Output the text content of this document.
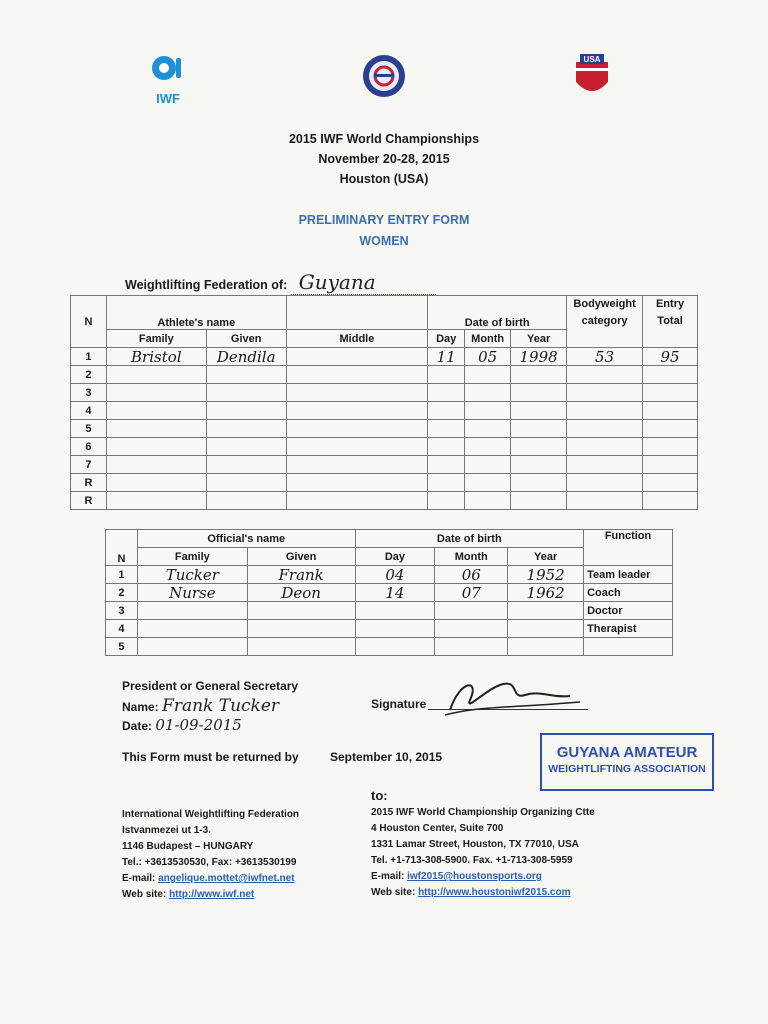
IWF
USA
2015 IWF World Championships
November 20-28, 2015
Houston (USA)
PRELIMINARY ENTRY FORM
WOMEN
Weightlifting Federation of: Guyana
N	Athlete's name			Date of birth			Bodyweight category	Entry Total
	Family	Given	Middle	Day	Month	Year		
1	Bristol	Dendila		11	05	1998	53	95
2								
3								
4								
5								
6								
7								
R								
R								
N	Official's name		Date of birth			Function
	Family	Given	Day	Month	Year	
1	Tucker	Frank	04	06	1952	Team leader
2	Nurse	Deon	14	07	1962	Coach
3						Doctor
4						Therapist
5						
President or General Secretary
Name: Frank Tucker
Date: 01-09-2015
Signature
This Form must be returned by	September 10, 2015
to:
GUYANA AMATEUR
WEIGHTLIFTING ASSOCIATION
International Weightlifting Federation
Istvanmezei ut 1-3.
1146 Budapest – HUNGARY
Tel.: +3613530530, Fax: +3613530199
E-mail: angelique.mottet@iwfnet.net
Web site: http://www.iwf.net
2015 IWF World Championship Organizing Ctte
4 Houston Center, Suite 700
1331 Lamar Street, Houston, TX 77010, USA
Tel. +1-713-308-5900. Fax. +1-713-308-5959
E-mail: iwf2015@houstonsports.org
Web site: http://www.houstoniwf2015.com
